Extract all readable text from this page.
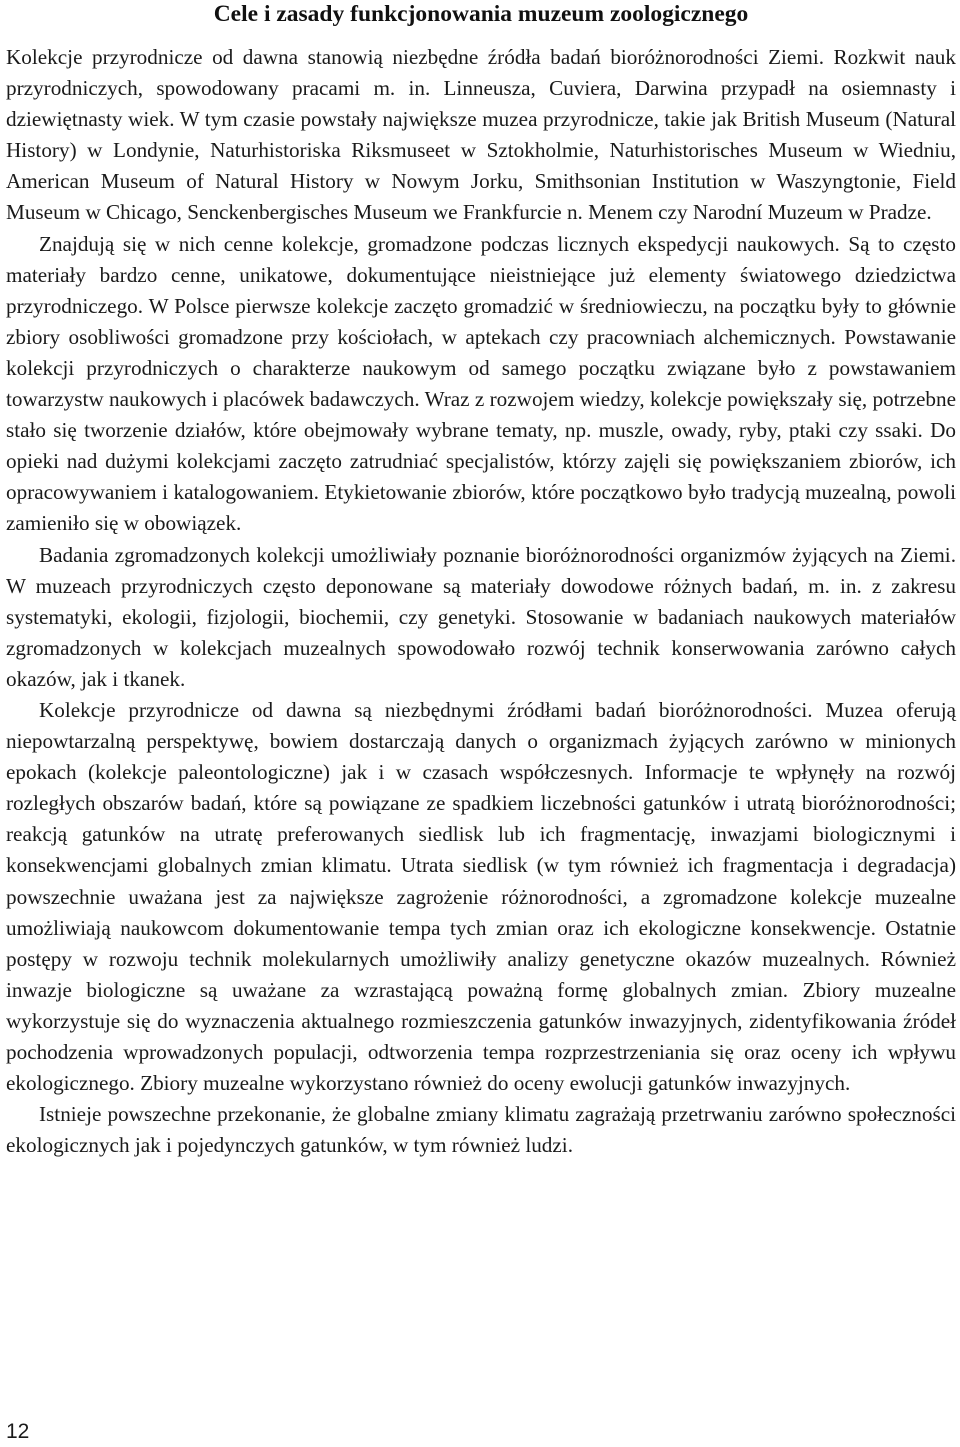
Cele i zasady funkcjonowania muzeum zoologicznego

Kolekcje przyrodnicze od dawna stanowią niezbędne źródła badań bioróżnorodności Ziemi. Rozkwit nauk przyrodniczych, spowodowany pracami m. in. Linneusza, Cuviera, Darwina przypadł na osiemnasty i dziewiętnasty wiek. W tym czasie powstały największe muzea przyrodnicze, takie jak British Museum (Natural History) w Londynie, Naturhistoriska Riksmuseet w Sztokholmie, Naturhistorisches Museum w Wiedniu, American Museum of Natural History w Nowym Jorku, Smithsonian Institution w Waszyngtonie, Field Museum w Chicago, Senckenbergisches Museum we Frankfurcie n. Menem czy Narodní Muzeum w Pradze.

Znajdują się w nich cenne kolekcje, gromadzone podczas licznych ekspedycji naukowych. Są to często materiały bardzo cenne, unikatowe, dokumentujące nieistniejące już elementy światowego dziedzictwa przyrodniczego. W Polsce pierwsze kolekcje zaczęto gromadzić w średniowieczu, na początku były to głównie zbiory osobliwości gromadzone przy kościołach, w aptekach czy pracowniach alchemicznych. Powstawanie kolekcji przyrodniczych o charakterze naukowym od samego początku związane było z powstawaniem towarzystw naukowych i placówek badawczych. Wraz z rozwojem wiedzy, kolekcje powiększały się, potrzebne stało się tworzenie działów, które obejmowały wybrane tematy, np. muszle, owady, ryby, ptaki czy ssaki. Do opieki nad dużymi kolekcjami zaczęto zatrudniać specjalistów, którzy zajęli się powiększaniem zbiorów, ich opracowywaniem i katalogowaniem. Etykietowanie zbiorów, które początkowo było tradycją muzealną, powoli zamieniło się w obowiązek.

Badania zgromadzonych kolekcji umożliwiały poznanie bioróżnorodności organizmów żyjących na Ziemi. W muzeach przyrodniczych często deponowane są materiały dowodowe różnych badań, m. in. z zakresu systematyki, ekologii, fizjologii, biochemii, czy genetyki. Stosowanie w badaniach naukowych materiałów zgromadzonych w kolekcjach muzealnych spowodowało rozwój technik konserwowania zarówno całych okazów, jak i tkanek.

Kolekcje przyrodnicze od dawna są niezbędnymi źródłami badań bioróżnorodności. Muzea oferują niepowtarzalną perspektywę, bowiem dostarczają danych o organizmach żyjących zarówno w minionych epokach (kolekcje paleontologiczne) jak i w czasach współczesnych. Informacje te wpłynęły na rozwój rozległych obszarów badań, które są powiązane ze spadkiem liczebności gatunków i utratą bioróżnorodności; reakcją gatunków na utratę preferowanych siedlisk lub ich fragmentację, inwazjami biologicznymi i konsekwencjami globalnych zmian klimatu. Utrata siedlisk (w tym również ich fragmentacja i degradacja) powszechnie uważana jest za największe zagrożenie różnorodności, a zgromadzone kolekcje muzealne umożliwiają naukowcom dokumentowanie tempa tych zmian oraz ich ekologiczne konsekwencje. Ostatnie postępy w rozwoju technik molekularnych umożliwiły analizy genetyczne okazów muzealnych. Również inwazje biologiczne są uważane za wzrastającą poważną formę globalnych zmian. Zbiory muzealne wykorzystuje się do wyznaczenia aktualnego rozmieszczenia gatunków inwazyjnych, zidentyfikowania źródeł pochodzenia wprowadzonych populacji, odtworzenia tempa rozprzestrzeniania się oraz oceny ich wpływu ekologicznego. Zbiory muzealne wykorzystano również do oceny ewolucji gatunków inwazyjnych.

Istnieje powszechne przekonanie, że globalne zmiany klimatu zagrażają przetrwaniu zarówno społeczności ekologicznych jak i pojedynczych gatunków, w tym również ludzi.

12
